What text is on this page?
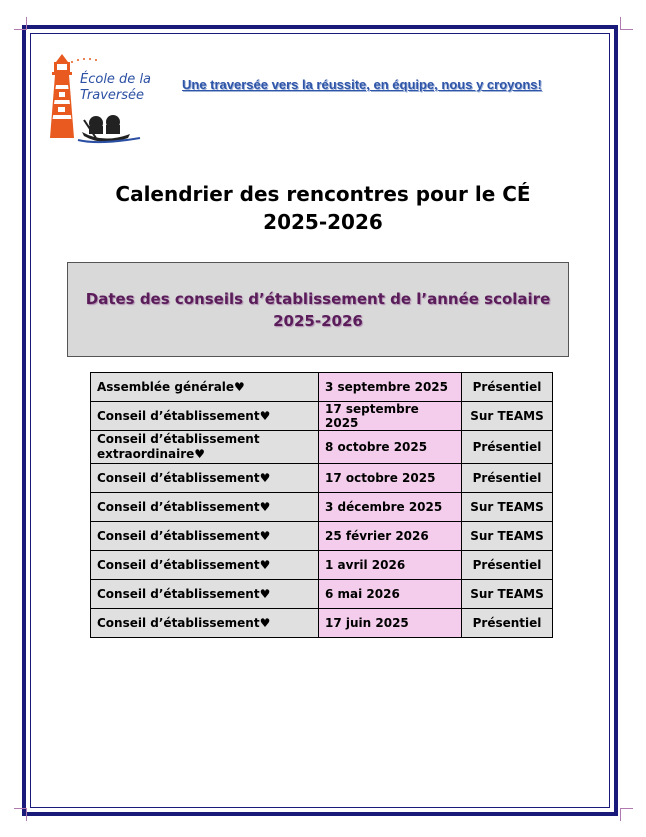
École de la
Traversée
Une traversée vers la réussite, en équipe, nous y croyons!
Calendrier des rencontres pour le CÉ
2025-2026
Dates des conseils d’établissement de l’année scolaire
2025-2026
Assemblée générale♥	3 septembre 2025	Présentiel
Conseil d’établissement♥	17 septembre 2025	Sur TEAMS
Conseil d’établissement extraordinaire♥	8 octobre 2025	Présentiel
Conseil d’établissement♥	17 octobre 2025	Présentiel
Conseil d’établissement♥	3 décembre 2025	Sur TEAMS
Conseil d’établissement♥	25 février 2026	Sur TEAMS
Conseil d’établissement♥	1 avril 2026	Présentiel
Conseil d’établissement♥	6 mai 2026	Sur TEAMS
Conseil d’établissement♥	17 juin 2025	Présentiel
